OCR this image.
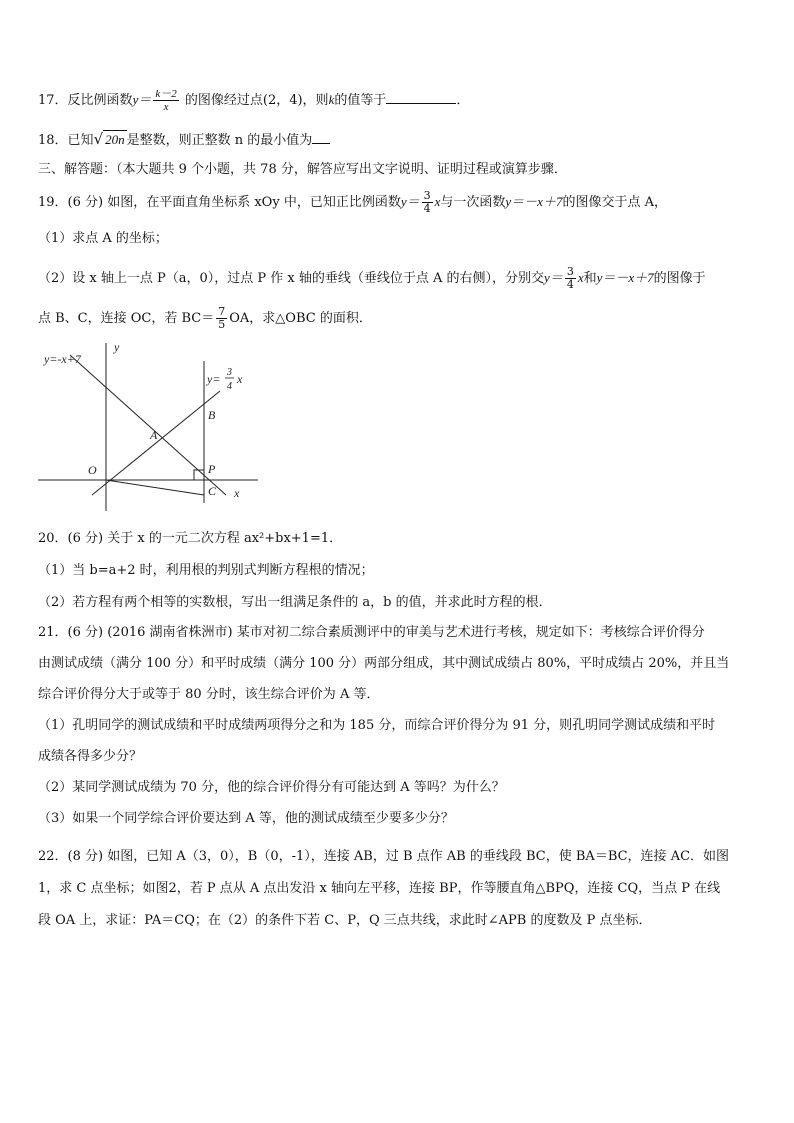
17．反比例函数$y= \frac{k-2}{x}$ 的图像经过点(2，4)，则k的值等于	．
18．已知√ 20n 是整数，则正整数 n 的最小值为
三、解答题：（本大题共 9 个小题，共 78 分，解答应写出文字说明、证明过程或演算步骤．
19．(6 分) 如图，在平面直角坐标系 xOy 中，已知正比例函数$y= \frac{3}{4}$ x与一次函数y＝－x＋7的图像交于点 A，
（1）求点 A 的坐标；
（2）设 x 轴上一点 P（a，0），过点 P 作 x 轴的垂线（垂线位于点 A 的右侧），分别交$y= \frac{3}{4}$ x和y＝－x＋7的图像于
点 B、C，连接 OC，若 $BC= \frac{7}{5}$ OA，求△OBC 的面积．
y=-x+7
y= 3
4
x
y
x
O
A
B
P
C
20．(6 分) 关于 x 的一元二次方程 ax²+bx+1=1．
（1）当 b=a+2 时，利用根的判别式判断方程根的情况；
（2）若方程有两个相等的实数根，写出一组满足条件的 a，b 的值，并求此时方程的根．
21．(6 分) (2016 湖南省株洲市) 某市对初二综合素质测评中的审美与艺术进行考核，规定如下：考核综合评价得分
由测试成绩（满分 100 分）和平时成绩（满分 100 分）两部分组成，其中测试成绩占 80%，平时成绩占 20%，并且当
综合评价得分大于或等于 80 分时，该生综合评价为 A 等．
（1）孔明同学的测试成绩和平时成绩两项得分之和为 185 分，而综合评价得分为 91 分，则孔明同学测试成绩和平时
成绩各得多少分？
（2）某同学测试成绩为 70 分，他的综合评价得分有可能达到 A 等吗？为什么？
（3）如果一个同学综合评价要达到 A 等，他的测试成绩至少要多少分？
22．(8 分) 如图，已知 A（3，0），B（0，-1），连接 AB，过 B 点作 AB 的垂线段 BC，使 BA＝BC，连接 AC．如图
1，求 C 点坐标；如图2，若 P 点从 A 点出发沿 x 轴向左平移，连接 BP，作等腰直角△BPQ，连接 CQ，当点 P 在线
段 OA 上，求证：PA＝CQ；在（2）的条件下若 C、P，Q 三点共线，求此时∠APB 的度数及 P 点坐标．
